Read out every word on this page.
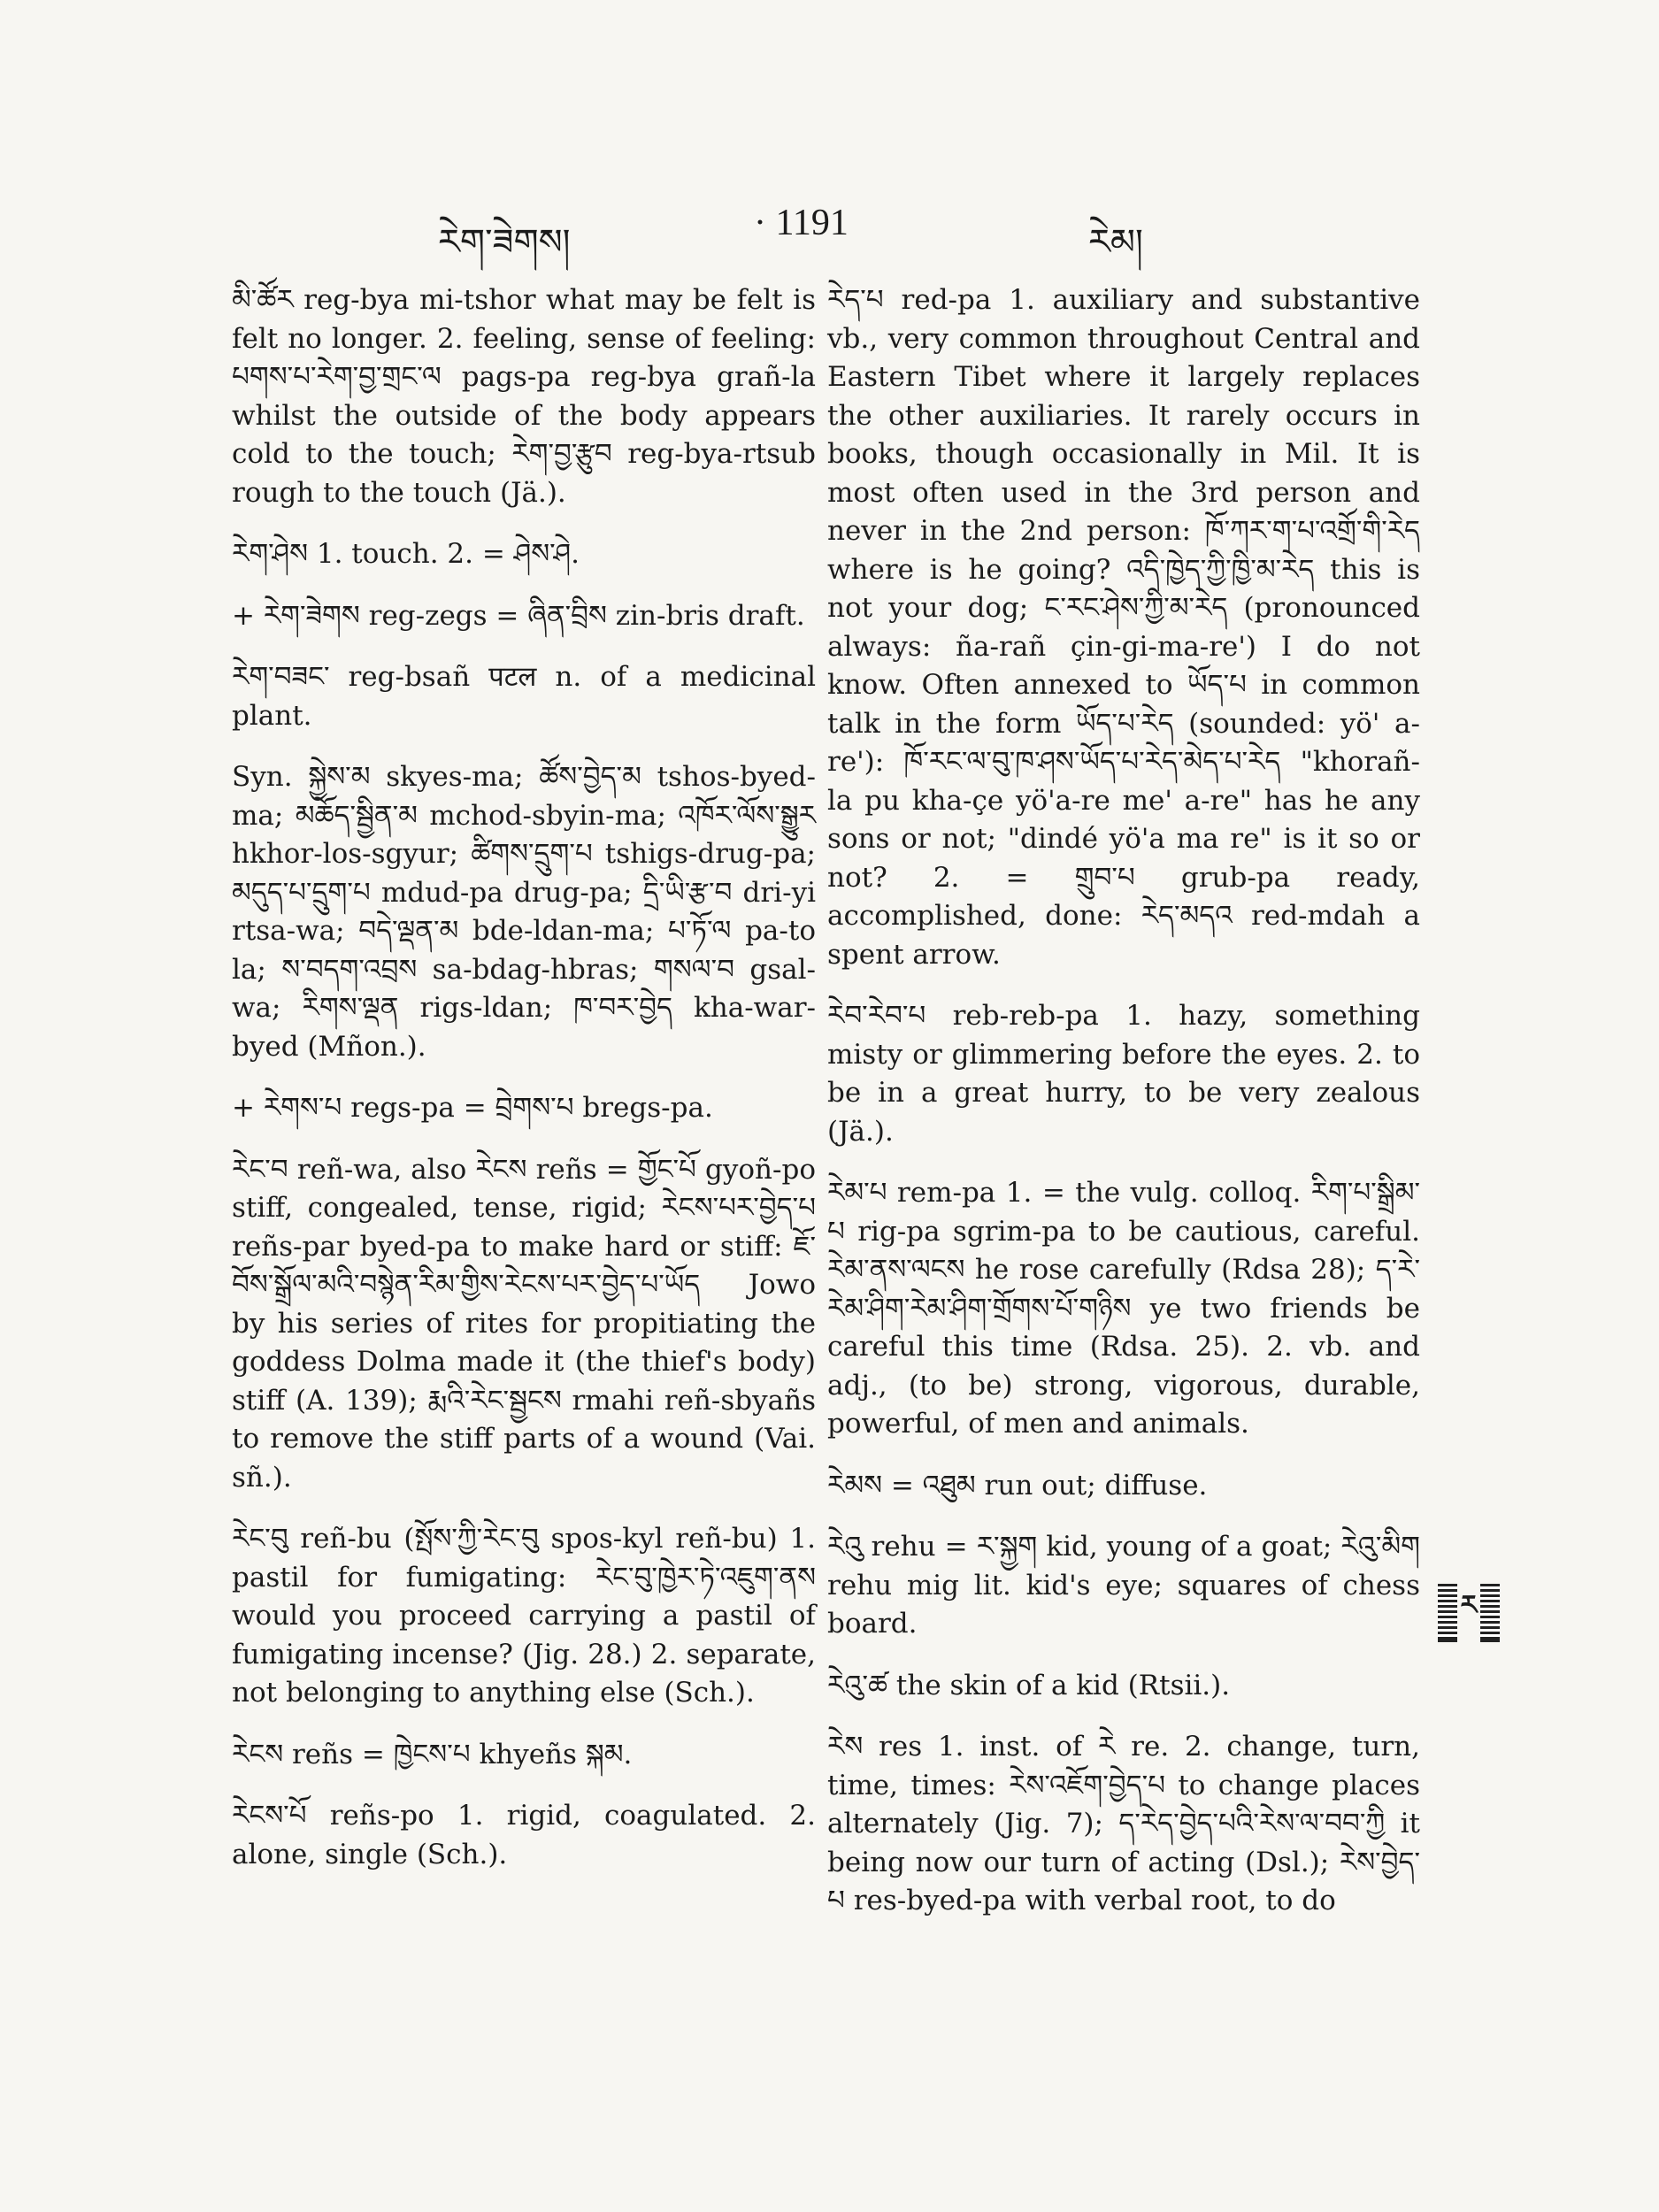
རེག་ཟེགས།	· 1191	རེམ།

མི་ཚོར reg-bya mi-tshor what may be felt is felt no longer. 2. feeling, sense of feeling: པགས་པ་རེག་བྱ་གྲང་ལ pags-pa reg-bya grañ-la whilst the outside of the body appears cold to the touch; རེག་བྱ་རྩུབ reg-bya-rtsub rough to the touch (Jä.).

རེག་ཤེས 1. touch. 2. = ཤེས་ཤེ.

+ རེག་ཟེགས reg-zegs = ཞིན་བྲིས zin-bris draft.

རེག་བཟང་ reg-bsañ पटल n. of a medicinal plant.

Syn. སྐྱེས་མ skyes-ma; ཚོས་བྱེད་མ tshos-byed-ma; མཆོད་སྦྱིན་མ mchod-sbyin-ma; འཁོར་ལོས་སྒྱུར hkhor-los-sgyur; ཚིགས་དྲུག་པ tshigs-drug-pa; མདུད་པ་དྲུག་པ mdud-pa drug-pa; དྲི་ཡི་རྩ་བ dri-yi rtsa-wa; བདེ་ལྡན་མ bde-ldan-ma; པ་ཏོ་ལ pa-to la; ས་བདག་འབྲས sa-bdag-hbras; གསལ་བ gsal-wa; རིགས་ལྡན rigs-ldan; ཁ་བར་བྱེད kha-war-byed (Mñon.).

+ རེགས་པ regs-pa = བྲེགས་པ bregs-pa.

རེང་བ reñ-wa, also རེངས reñs = གྱོང་པོ gyoñ-po stiff, congealed, tense, rigid; རེངས་པར་བྱེད་པ reñs-par byed-pa to make hard or stiff: ཇོ་བོས་སྒྲོལ་མའི་བསྙེན་རིམ་གྱིས་རེངས་པར་བྱེད་པ་ཡོད Jowo by his series of rites for propitiating the goddess Dolma made it (the thief's body) stiff (A. 139); རྨའི་རེང་སྦྱངས rmahi reñ-sbyañs to remove the stiff parts of a wound (Vai. sñ.).

རེང་བུ reñ-bu (སྤོས་ཀྱི་རེང་བུ spos-kyl reñ-bu) 1. pastil for fumigating: རེང་བུ་ཁྱེར་ཏེ་འཇུག་ནས would you proceed carrying a pastil of fumigating incense? (Jig. 28.) 2. separate, not belonging to anything else (Sch.).

རེངས reñs = ཁྱེངས་པ khyeñs སྐམ.

རེངས་པོ reñs-po 1. rigid, coagulated. 2. alone, single (Sch.).

རེད་པ red-pa 1. auxiliary and substantive vb., very common throughout Central and Eastern Tibet where it largely replaces the other auxiliaries. It rarely occurs in books, though occasionally in Mil. It is most often used in the 3rd person and never in the 2nd person: ཁོ་ཀར་ག་པ་འགྲོ་གི་རེད where is he going? འདི་ཁྱེད་ཀྱི་ཁྱི་མ་རེད this is not your dog; ང་རང་ཤེས་ཀྱི་མ་རེད (pronounced always: ña-rañ çin-gi-ma-re') I do not know. Often annexed to ཡོད་པ in common talk in the form ཡོད་པ་རེད (sounded: yö' a-re'): ཁོ་རང་ལ་བུ་ཁ་ཤས་ཡོད་པ་རེད་མེད་པ་རེད "khorañ-la pu kha-çe yö'a-re me' a-re" has he any sons or not; "dindé yö'a ma re" is it so or not? 2. = གྲུབ་པ grub-pa ready, accomplished, done: རེད་མདའ red-mdah a spent arrow.

རེབ་རེབ་པ reb-reb-pa 1. hazy, something misty or glimmering before the eyes. 2. to be in a great hurry, to be very zealous (Jä.).

རེམ་པ rem-pa 1. = the vulg. colloq. རིག་པ་སྒྲིམ་པ rig-pa sgrim-pa to be cautious, careful. རེམ་ནས་ལངས he rose carefully (Rdsa 28); ད་རེ་རེམ་ཤིག་རེམ་ཤིག་གྲོགས་པོ་གཉིས ye two friends be careful this time (Rdsa. 25). 2. vb. and adj., (to be) strong, vigorous, durable, powerful, of men and animals.

རེམས = འཐུམ run out; diffuse.

རེའུ rehu = ར་སྐྱག kid, young of a goat; རེའུ་མིག rehu mig lit. kid's eye; squares of chess board.

རེའུ་ཚ the skin of a kid (Rtsii.).

རེས res 1. inst. of རེ re. 2. change, turn, time, times: རེས་འཇོག་བྱེད་པ to change places alternately (Jig. 7); ད་རེད་བྱེད་པའི་རེས་ལ་བབ་ཀྱི it being now our turn of acting (Dsl.); རེས་བྱེད་པ res-byed-pa with verbal root, to do

ར
